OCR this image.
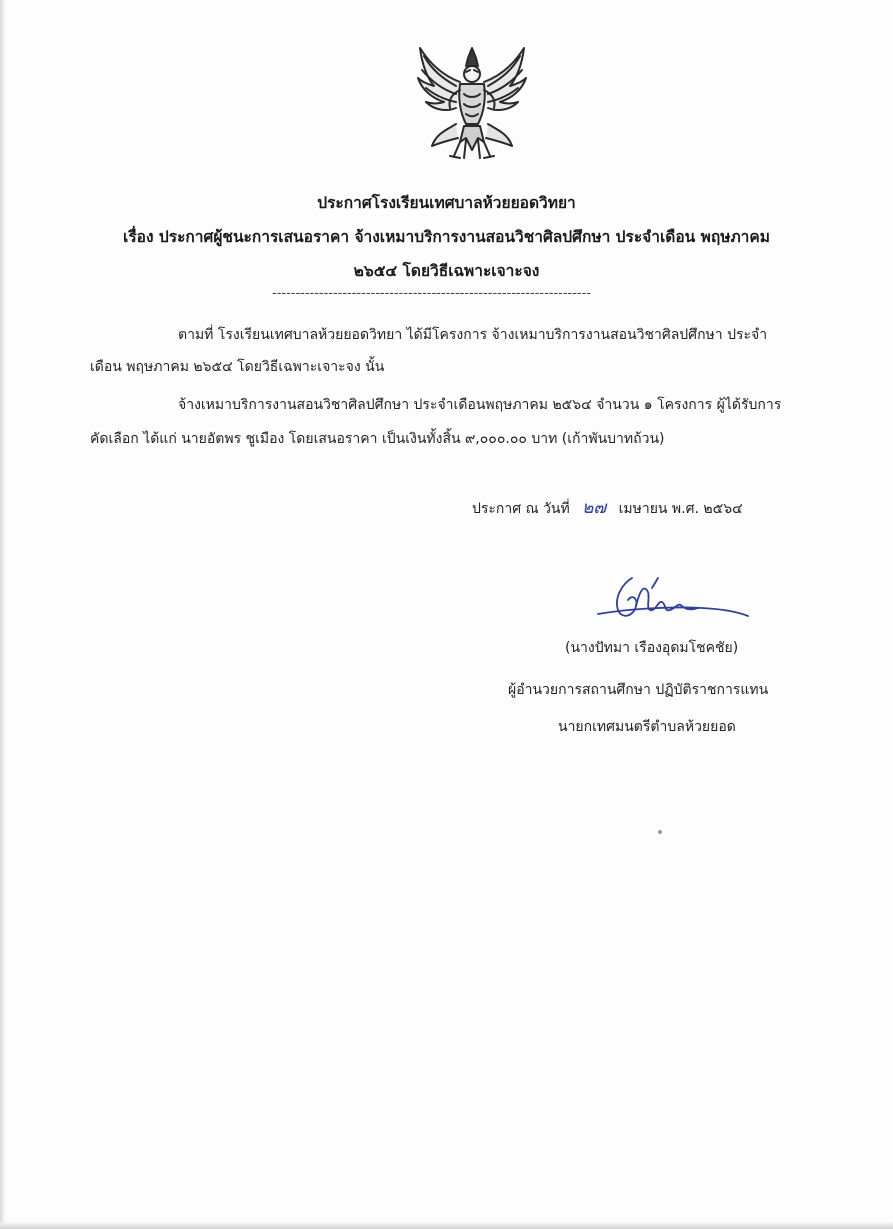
ประกาศโรงเรียนเทศบาลห้วยยอดวิทยา
เรื่อง ประกาศผู้ชนะการเสนอราคา จ้างเหมาบริการงานสอนวิชาศิลปศึกษา ประจำเดือน พฤษภาคม
๒๖๕๔ โดยวิธีเฉพาะเจาะจง
--------------------------------------------------------------------
ตามที่ โรงเรียนเทศบาลห้วยยอดวิทยา ได้มีโครงการ จ้างเหมาบริการงานสอนวิชาศิลปศึกษา ประจำ
เดือน พฤษภาคม ๒๖๕๔ โดยวิธีเฉพาะเจาะจง นั้น
จ้างเหมาบริการงานสอนวิชาศิลปศึกษา ประจำเดือนพฤษภาคม ๒๕๖๔ จำนวน ๑ โครงการ ผู้ได้รับการ
คัดเลือก ได้แก่ นายอัตพร ชูเมือง โดยเสนอราคา เป็นเงินทั้งสิ้น ๙,๐๐๐.๐๐ บาท (เก้าพันบาทถ้วน)
ประกาศ ณ วันที่ ๒๗ เมษายน พ.ศ. ๒๕๖๔
(นางปัทมา เรืองอุดมโชคชัย)
ผู้อำนวยการสถานศึกษา ปฏิบัติราชการแทน
นายกเทศมนตรีตำบลห้วยยอด
